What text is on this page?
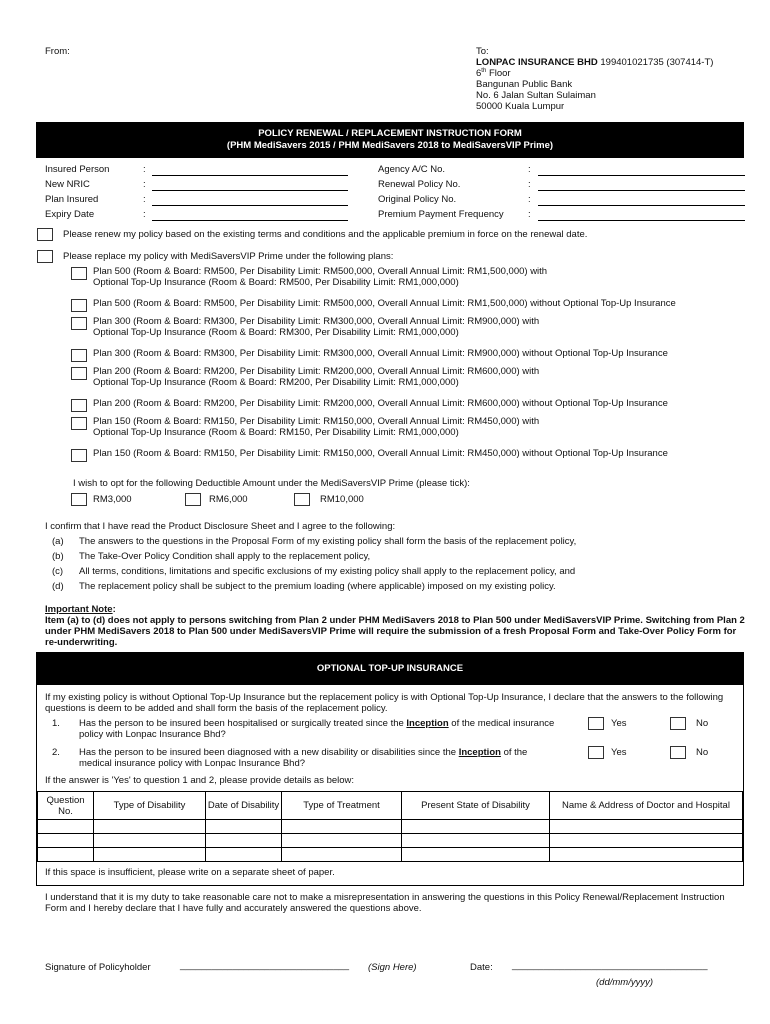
From:	To:
LONPAC INSURANCE BHD 199401021735 (307414-T)
6th Floor
Bangunan Public Bank
No. 6 Jalan Sultan Sulaiman
50000 Kuala Lumpur
POLICY RENEWAL / REPLACEMENT INSTRUCTION FORM
(PHM MediSavers 2015 / PHM MediSavers 2018 to MediSaversVIP Prime)
Insured Person	:
New NRIC	:
Plan Insured	:
Expiry Date	:
Agency A/C No.	:
Renewal Policy No.	:
Original Policy No.	:
Premium Payment Frequency	:
Please renew my policy based on the existing terms and conditions and the applicable premium in force on the renewal date.
Please replace my policy with MediSaversVIP Prime under the following plans:
Plan 500 (Room & Board: RM500, Per Disability Limit: RM500,000, Overall Annual Limit: RM1,500,000) with
Optional Top-Up Insurance (Room & Board: RM500, Per Disability Limit: RM1,000,000)
Plan 500 (Room & Board: RM500, Per Disability Limit: RM500,000, Overall Annual Limit: RM1,500,000) without Optional Top-Up Insurance
Plan 300 (Room & Board: RM300, Per Disability Limit: RM300,000, Overall Annual Limit: RM900,000) with
Optional Top-Up Insurance (Room & Board: RM300, Per Disability Limit: RM1,000,000)
Plan 300 (Room & Board: RM300, Per Disability Limit: RM300,000, Overall Annual Limit: RM900,000) without Optional Top-Up Insurance
Plan 200 (Room & Board: RM200, Per Disability Limit: RM200,000, Overall Annual Limit: RM600,000) with
Optional Top-Up Insurance (Room & Board: RM200, Per Disability Limit: RM1,000,000)
Plan 200 (Room & Board: RM200, Per Disability Limit: RM200,000, Overall Annual Limit: RM600,000) without Optional Top-Up Insurance
Plan 150 (Room & Board: RM150, Per Disability Limit: RM150,000, Overall Annual Limit: RM450,000) with
Optional Top-Up Insurance (Room & Board: RM150, Per Disability Limit: RM1,000,000)
Plan 150 (Room & Board: RM150, Per Disability Limit: RM150,000, Overall Annual Limit: RM450,000) without Optional Top-Up Insurance
I wish to opt for the following Deductible Amount under the MediSaversVIP Prime (please tick):
RM3,000	RM6,000	RM10,000
I confirm that I have read the Product Disclosure Sheet and I agree to the following:
(a) The answers to the questions in the Proposal Form of my existing policy shall form the basis of the replacement policy,
(b) The Take-Over Policy Condition shall apply to the replacement policy,
(c) All terms, conditions, limitations and specific exclusions of my existing policy shall apply to the replacement policy, and
(d) The replacement policy shall be subject to the premium loading (where applicable) imposed on my existing policy.
Important Note:
Item (a) to (d) does not apply to persons switching from Plan 2 under PHM MediSavers 2018 to Plan 500 under MediSaversVIP Prime. Switching from Plan 2 under PHM MediSavers 2018 to Plan 500 under MediSaversVIP Prime will require the submission of a fresh Proposal Form and Take-Over Policy Form for re-underwriting.
OPTIONAL TOP-UP INSURANCE
If my existing policy is without Optional Top-Up Insurance but the replacement policy is with Optional Top-Up Insurance, I declare that the answers to the following questions is deem to be added and shall form the basis of the replacement policy.
1. Has the person to be insured been hospitalised or surgically treated since the Inception of the medical insurance policy with Lonpac Insurance Bhd?
Yes	No
2. Has the person to be insured been diagnosed with a new disability or disabilities since the Inception of the medical insurance policy with Lonpac Insurance Bhd?
Yes	No
If the answer is 'Yes' to question 1 and 2, please provide details as below:
Question No.	Type of Disability	Date of Disability	Type of Treatment	Present State of Disability	Name & Address of Doctor and Hospital

If this space is insufficient, please write on a separate sheet of paper.
I understand that it is my duty to take reasonable care not to make a misrepresentation in answering the questions in this Policy Renewal/Replacement Instruction Form and I hereby declare that I have fully and accurately answered the questions above.
Signature of Policyholder	________________________________ (Sign Here)	Date: _____________________________________
(dd/mm/yyyy)
